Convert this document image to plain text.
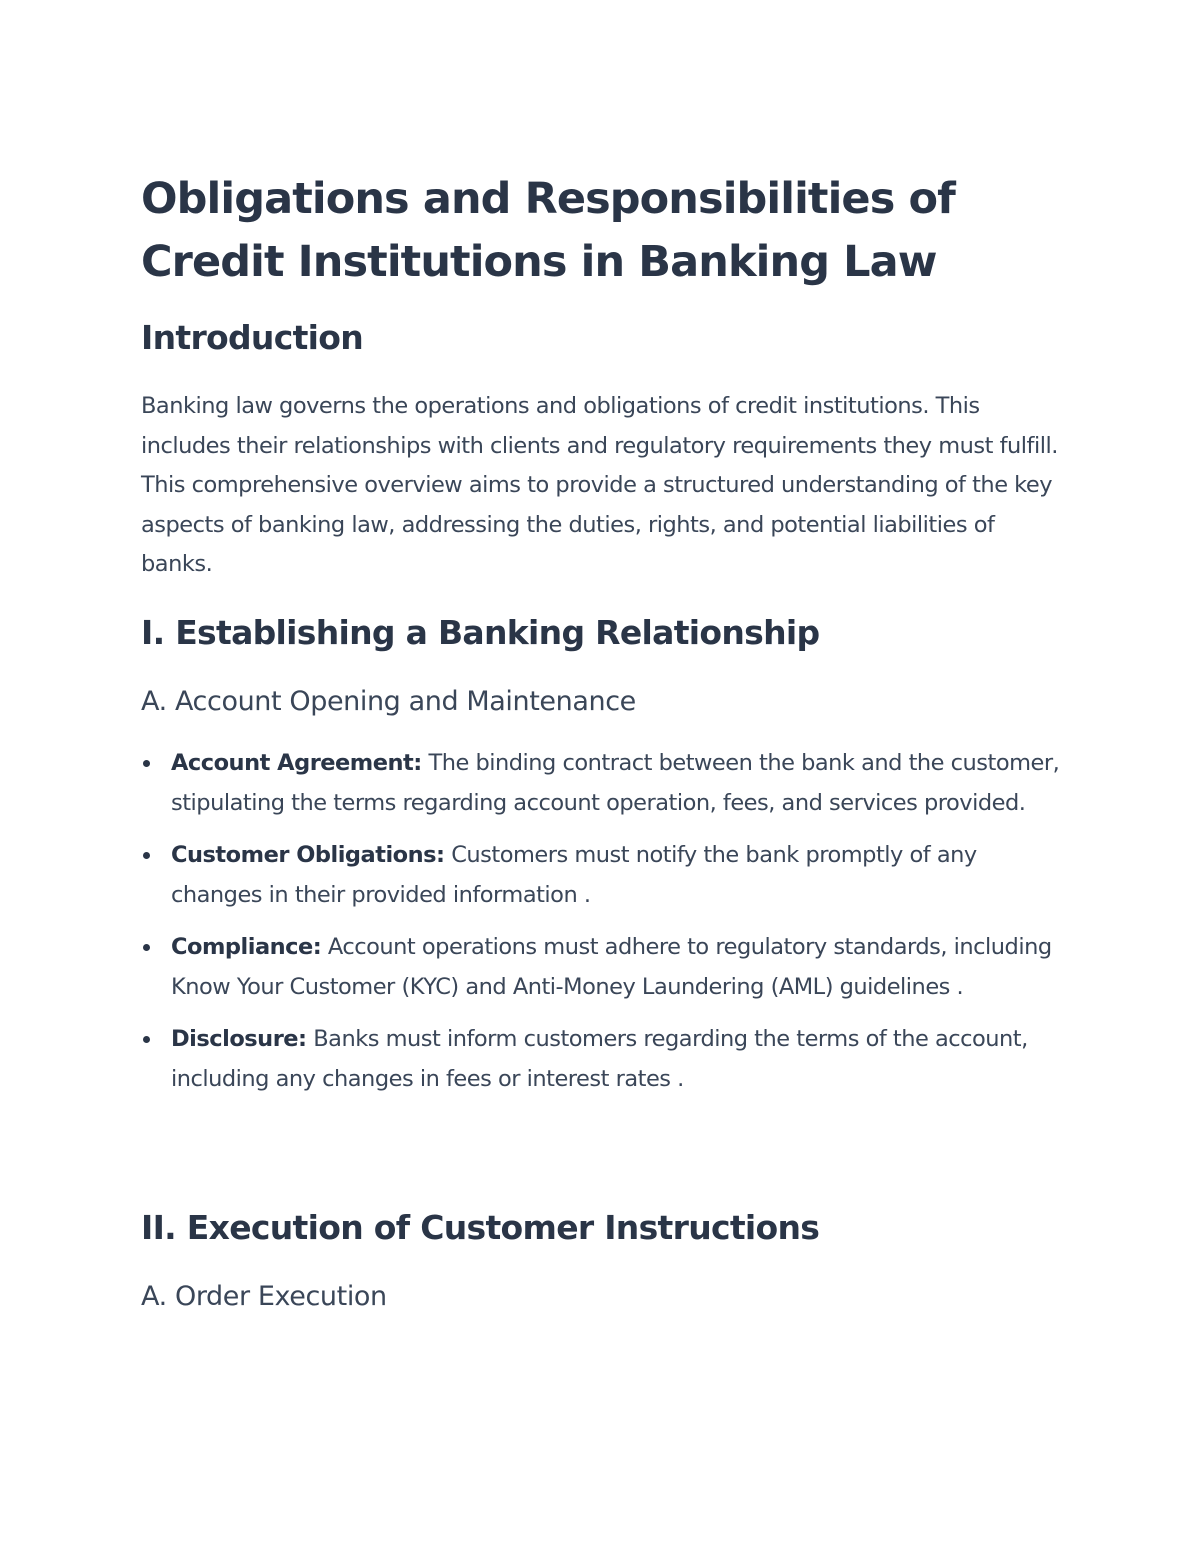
Obligations and Responsibilities of Credit Institutions in Banking Law
Introduction

Banking law governs the operations and obligations of credit institutions. This includes their relationships with clients and regulatory requirements they must fulfill. This comprehensive overview aims to provide a structured understanding of the key aspects of banking law, addressing the duties, rights, and potential liabilities of banks.

I. Establishing a Banking Relationship
A. Account Opening and Maintenance
Account Agreement: The binding contract between the bank and the customer, stipulating the terms regarding account operation, fees, and services provided.
Customer Obligations: Customers must notify the bank promptly of any changes in their provided information .
Compliance: Account operations must adhere to regulatory standards, including Know Your Customer (KYC) and Anti-Money Laundering (AML) guidelines .
Disclosure: Banks must inform customers regarding the terms of the account, including any changes in fees or interest rates .
II. Execution of Customer Instructions
A. Order Execution
